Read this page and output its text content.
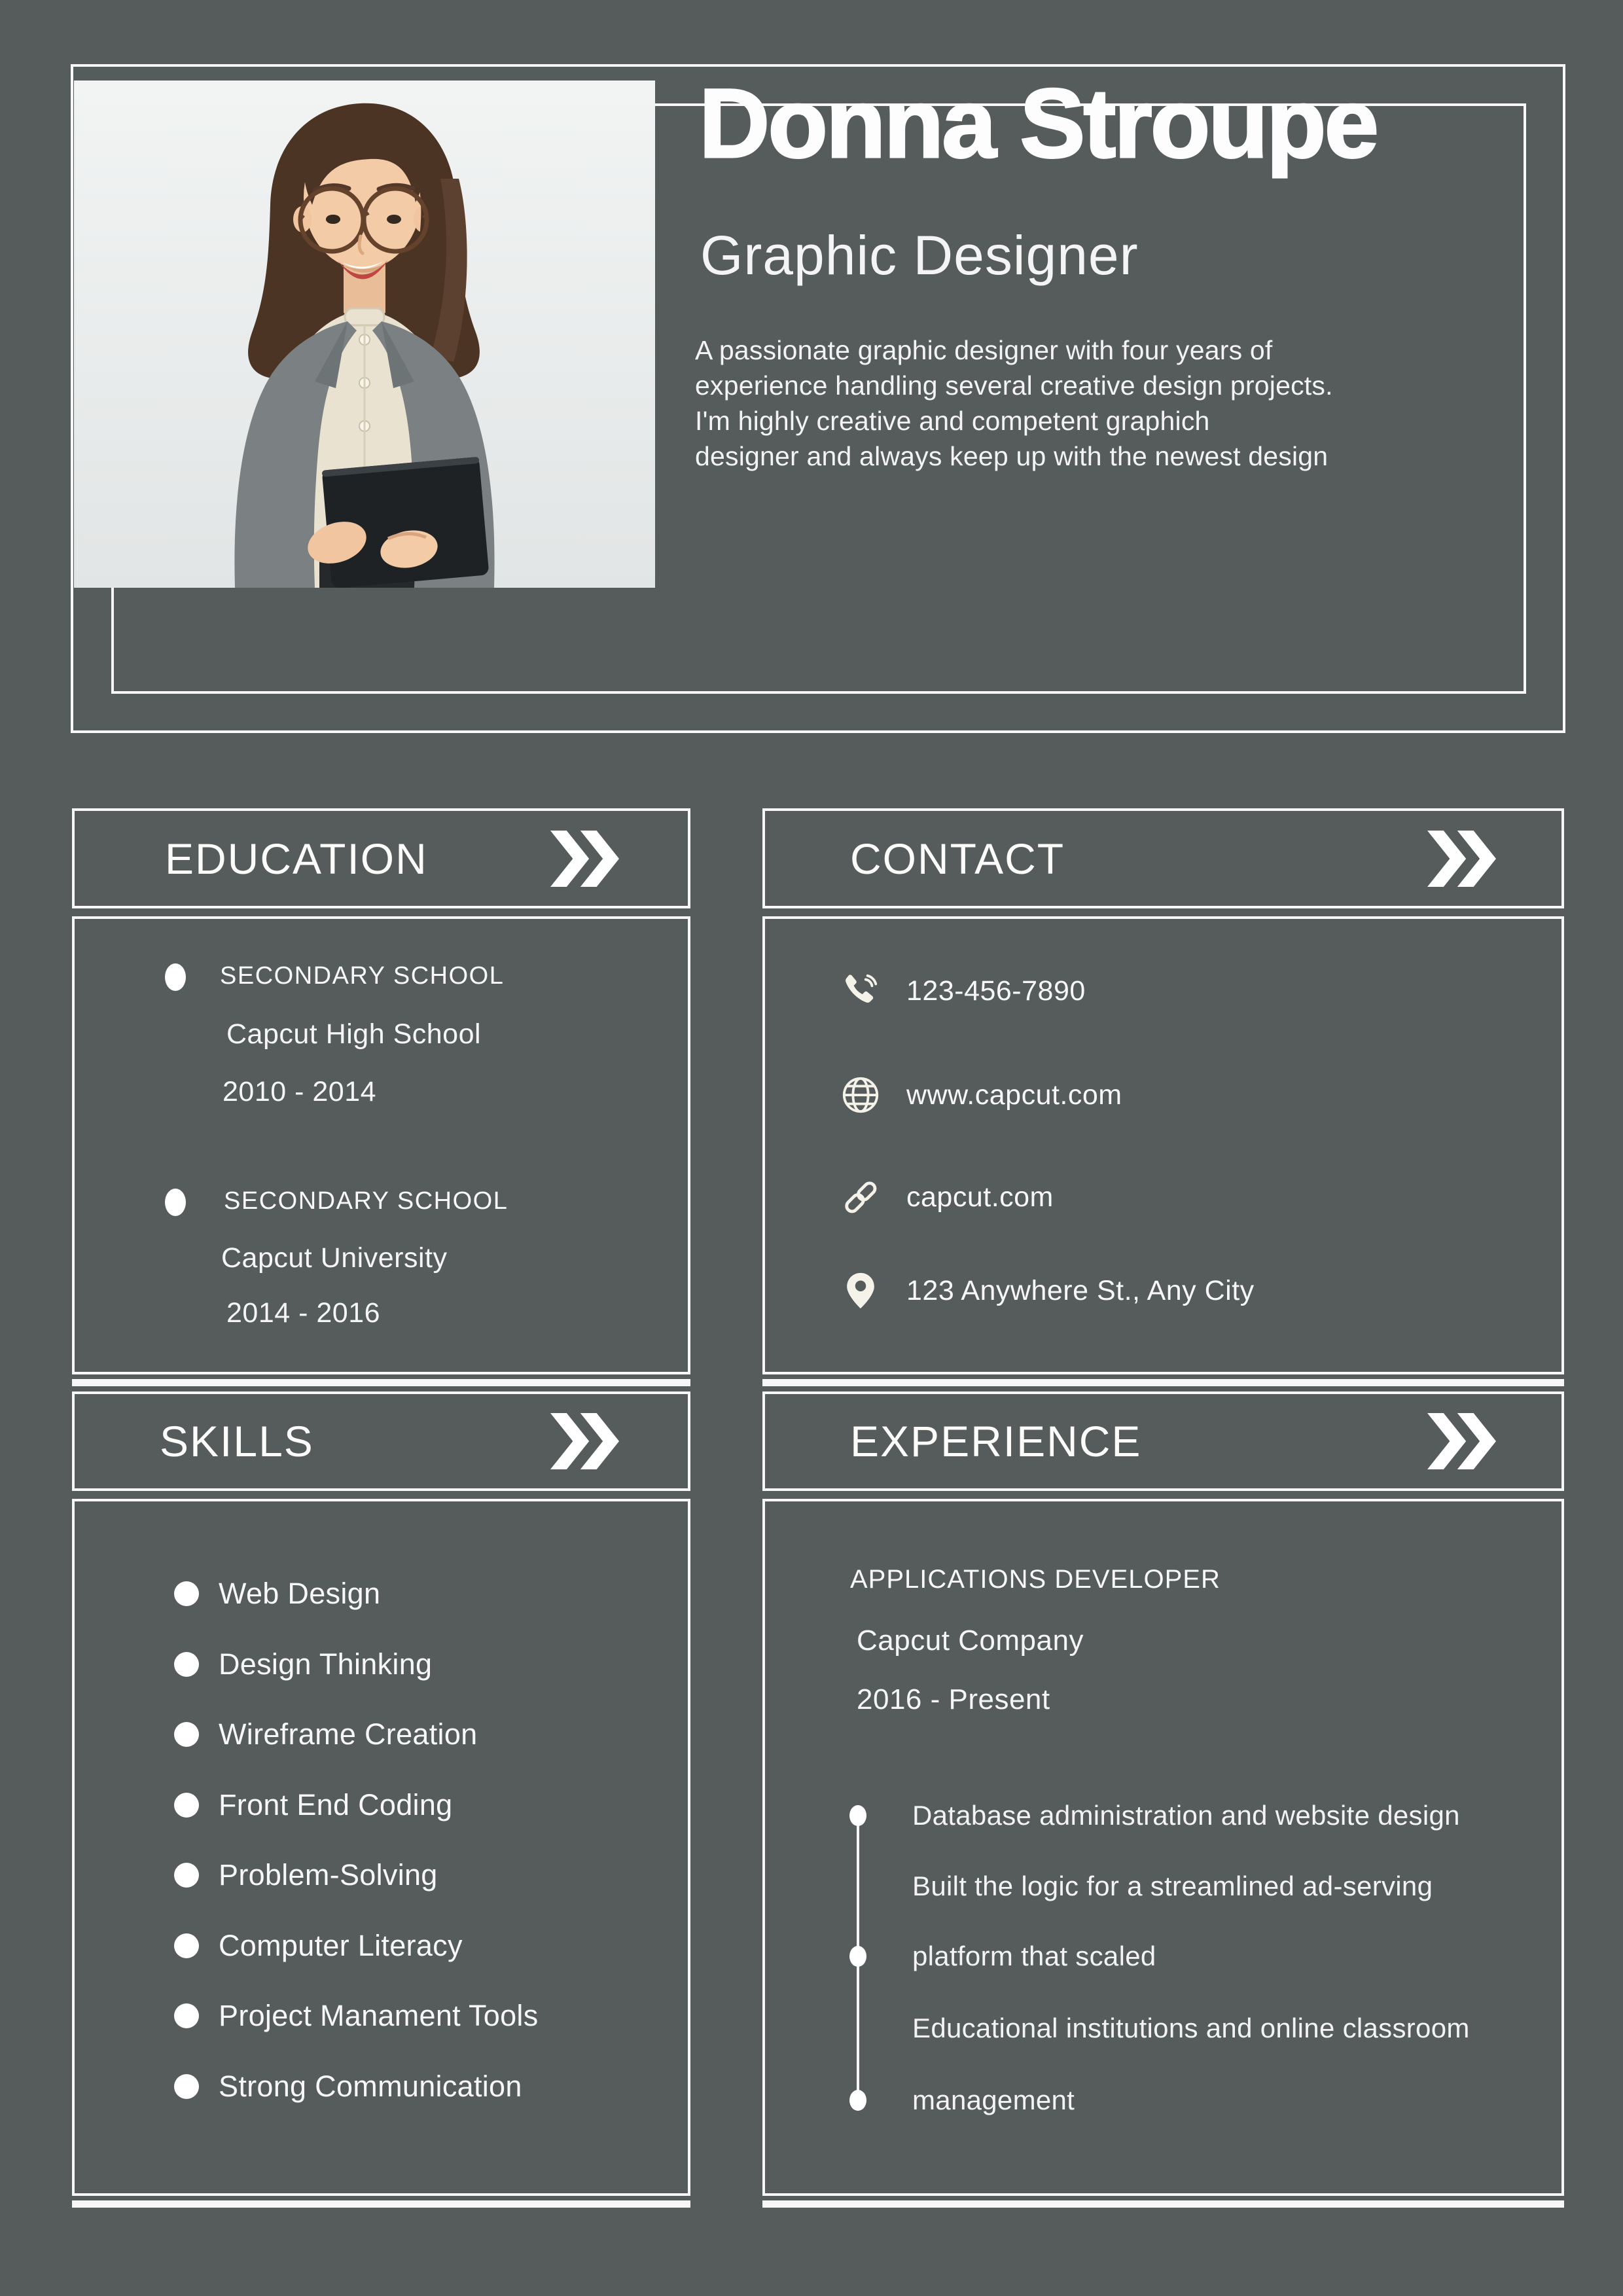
Donna Stroupe
Graphic Designer
A passionate graphic designer with four years of
experience handling several creative design projects.
I'm highly creative and competent graphich
designer and always keep up with the newest design
EDUCATION	CONTACT
SKILLS	EXPERIENCE
SECONDARY SCHOOL
Capcut High School
2010 - 2014
SECONDARY SCHOOL
Capcut University
2014 - 2016
123-456-7890
www.capcut.com
capcut.com
123 Anywhere St., Any City
Web Design
Design Thinking
Wireframe Creation
Front End Coding
Problem-Solving
Computer Literacy
Project Manament Tools
Strong Communication
APPLICATIONS DEVELOPER
Capcut Company
2016 - Present
Database administration and website design
Built the logic for a streamlined ad-serving
platform that scaled
Educational institutions and online classroom
management
